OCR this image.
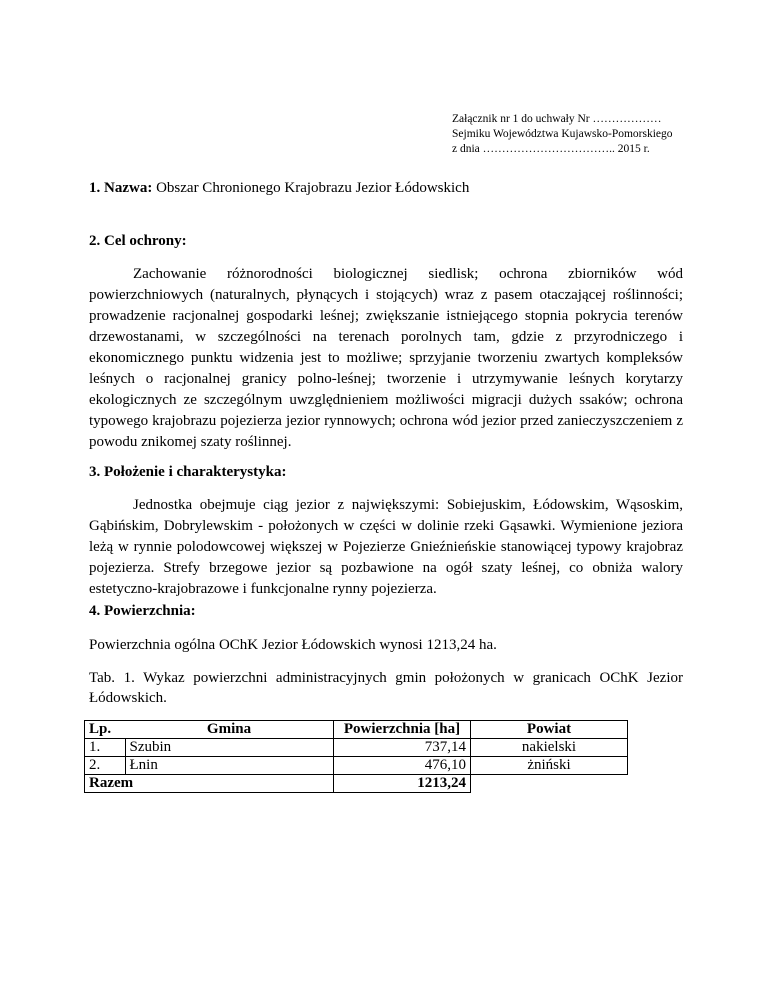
Załącznik nr 1 do uchwały Nr ………………
Sejmiku Województwa Kujawsko-Pomorskiego
z dnia …………………………….. 2015 r.
1. Nazwa: Obszar Chronionego Krajobrazu Jezior Łódowskich
2. Cel ochrony:

Zachowanie różnorodności biologicznej siedlisk; ochrona zbiorników wód powierzchniowych (naturalnych, płynących i stojących) wraz z pasem otaczającej roślinności; prowadzenie racjonalnej gospodarki leśnej; zwiększanie istniejącego stopnia pokrycia terenów drzewostanami, w szczególności na terenach porolnych tam, gdzie z przyrodniczego i ekonomicznego punktu widzenia jest to możliwe; sprzyjanie tworzeniu zwartych kompleksów leśnych o racjonalnej granicy polno-leśnej; tworzenie i utrzymywanie leśnych korytarzy ekologicznych ze szczególnym uwzględnieniem możliwości migracji dużych ssaków; ochrona typowego krajobrazu pojezierza jezior rynnowych; ochrona wód jezior przed zanieczyszczeniem z powodu znikomej szaty roślinnej.

3. Położenie i charakterystyka:

Jednostka obejmuje ciąg jezior z największymi: Sobiejuskim, Łódowskim, Wąsoskim, Gąbińskim, Dobrylewskim - położonych w części w dolinie rzeki Gąsawki. Wymienione jeziora leżą w rynnie polodowcowej większej w Pojezierze Gnieźnieńskie stanowiącej typowy krajobraz pojezierza. Strefy brzegowe jezior są pozbawione na ogół szaty leśnej, co obniża walory estetyczno-krajobrazowe i funkcjonalne rynny pojezierza.

4. Powierzchnia:
Powierzchnia ogólna OChK Jezior Łódowskich wynosi 1213,24 ha.

Tab. 1. Wykaz powierzchni administracyjnych gmin położonych w granicach OChK Jezior Łódowskich.

Lp.	Gmina	Powierzchnia [ha]	Powiat
1.	Szubin	737,14	nakielski
2.	Łnin	476,10	żniński
Razem		1213,24	
